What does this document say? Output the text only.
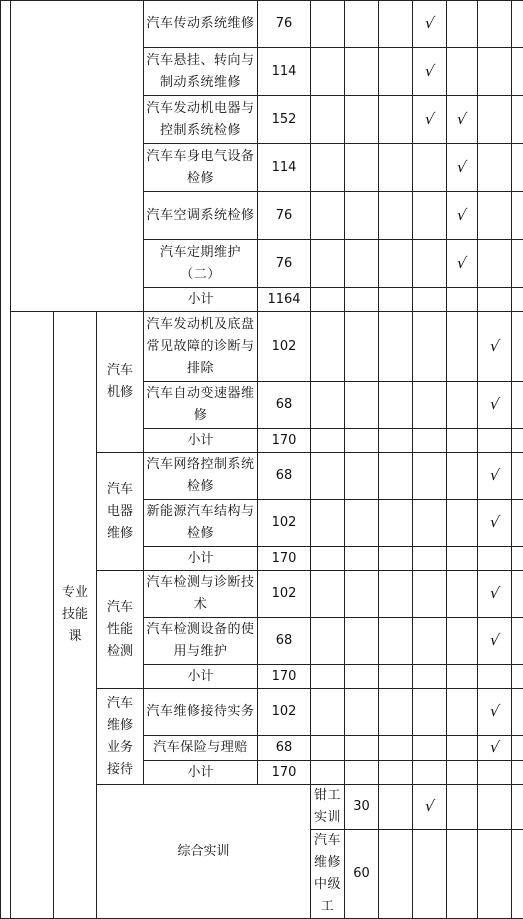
				汽车传动系统维修	76				√				
				汽车悬挂、转向与制动系统维修	114				√				
				汽车发动机电器与控制系统检修	152				√	√			
				汽车车身电气设备检修	114					√			
				汽车空调系统检修	76					√			
				汽车定期维护（二）	76					√			
				小计	1164								
		专业技能课	汽车机修	汽车发动机及底盘常见故障的诊断与排除	102						√		
				汽车自动变速器维修	68						√		
				小计	170								
			汽车电器维修	汽车网络控制系统检修	68						√		
				新能源汽车结构与检修	102						√		
				小计	170								
			汽车性能检测	汽车检测与诊断技术	102						√		
				汽车检测设备的使用与维护	68						√		
				小计	170								
			汽车维修业务接待	汽车维修接待实务	102						√		
				汽车保险与理赔	68						√		
				小计	170								
			综合实训			钳工实训	30		√					
						汽车维修中级工	60							
